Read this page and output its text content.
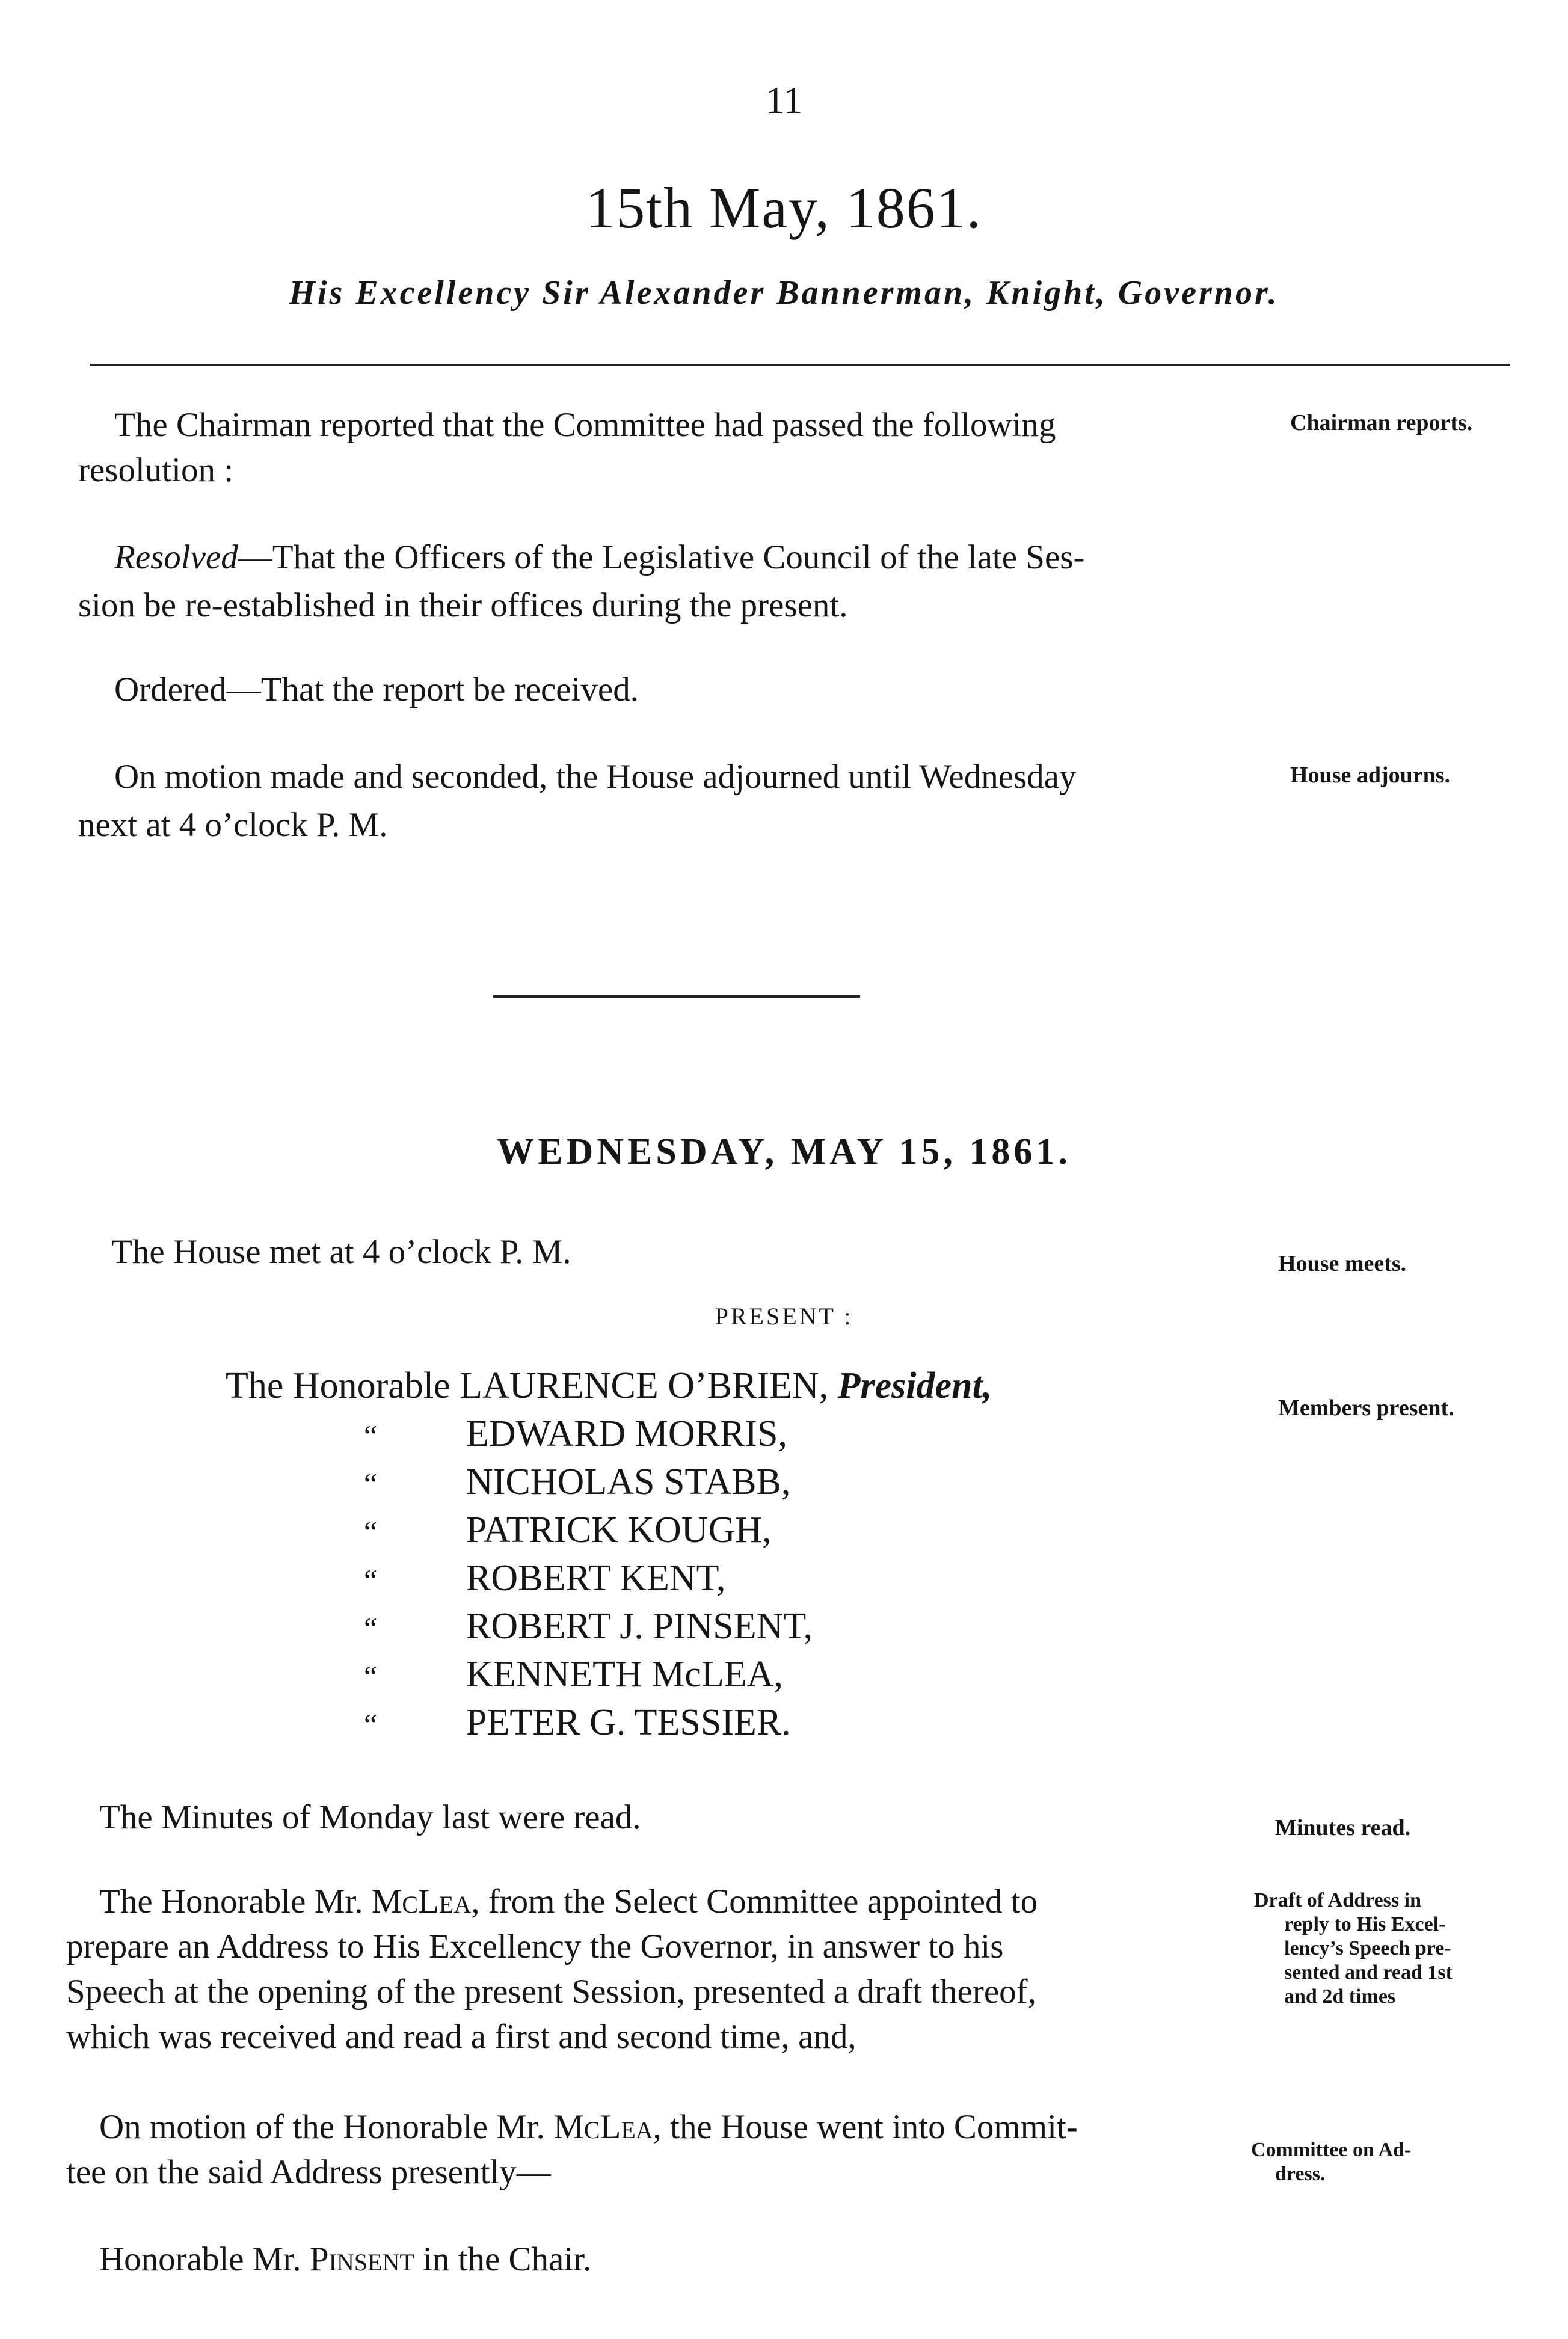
11
15th May, 1861.
His Excellency Sir Alexander Bannerman, Knight, Governor.
The Chairman reported that the Committee had passed the following
resolution :
Chairman reports.
Resolved—That the Officers of the Legislative Council of the late Ses-
sion be re-established in their offices during the present.
Ordered—That the report be received.
On motion made and seconded, the House adjourned until Wednesday
next at 4 o’clock P. M.
House adjourns.
WEDNESDAY, MAY 15, 1861.
The House met at 4 o’clock P. M.	House meets.
PRESENT :
The Honorable LAURENCE O’BRIEN, President,
Members present.
“ EDWARD MORRIS,
“ NICHOLAS STABB,
“ PATRICK KOUGH,
“ ROBERT KENT,
“ ROBERT J. PINSENT,
“ KENNETH McLEA,
“ PETER G. TESSIER.
The Minutes of Monday last were read.	Minutes read.
The Honorable Mr. McLea, from the Select Committee appointed to
prepare an Address to His Excellency the Governor, in answer to his
Speech at the opening of the present Session, presented a draft thereof,
which was received and read a first and second time, and,
Draft of Address in
reply to His Excel-
lency’s Speech pre-
sented and read 1st
and 2d times
On motion of the Honorable Mr. McLea, the House went into Commit-
tee on the said Address presently—
Committee on Ad-
dress.
Honorable Mr. Pinsent in the Chair.
